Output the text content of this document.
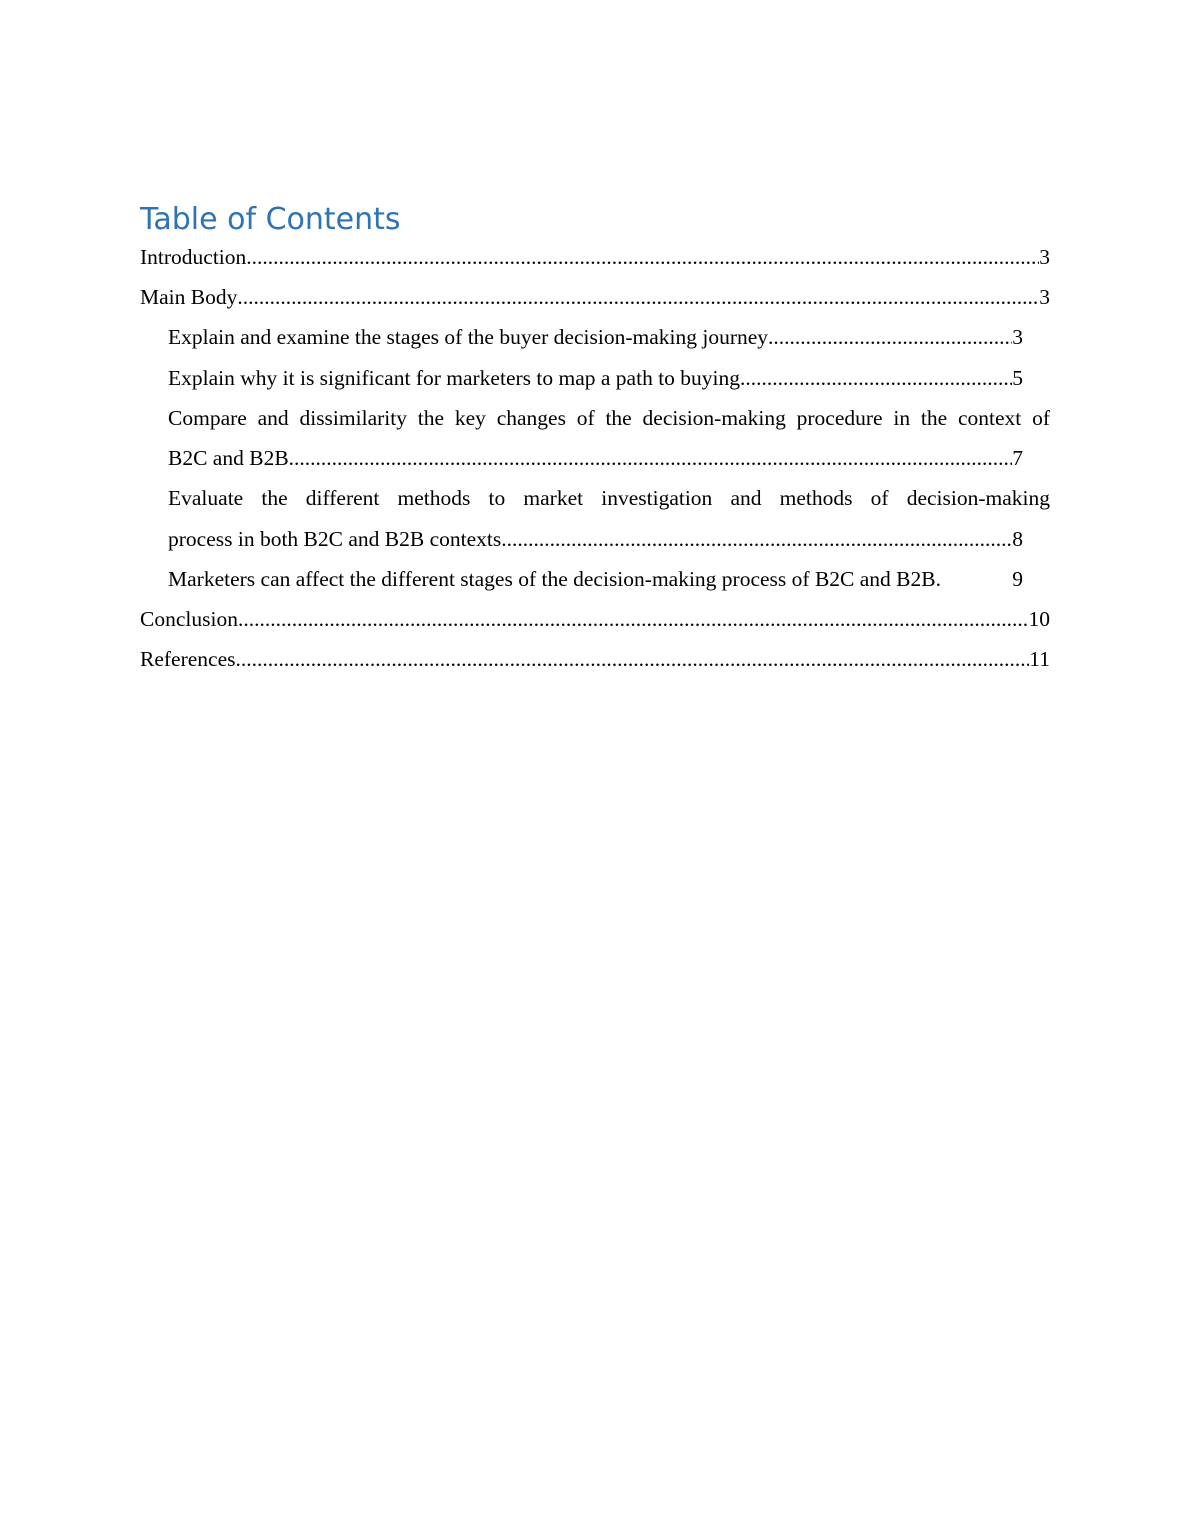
Table of Contents
Introduction .....	3
Main Body .....	3
Explain and examine the stages of the buyer decision-making journey .....	3
Explain why it is significant for marketers to map a path to buying .....	5
Compare and dissimilarity the key changes of the decision-making procedure in the context of
B2C and B2B .....	7
Evaluate the different methods to market investigation and methods of decision-making
process in both B2C and B2B contexts .....	8
Marketers can affect the different stages of the decision-making process of B2C and B2B.	9
Conclusion .....	10
References .....	11
